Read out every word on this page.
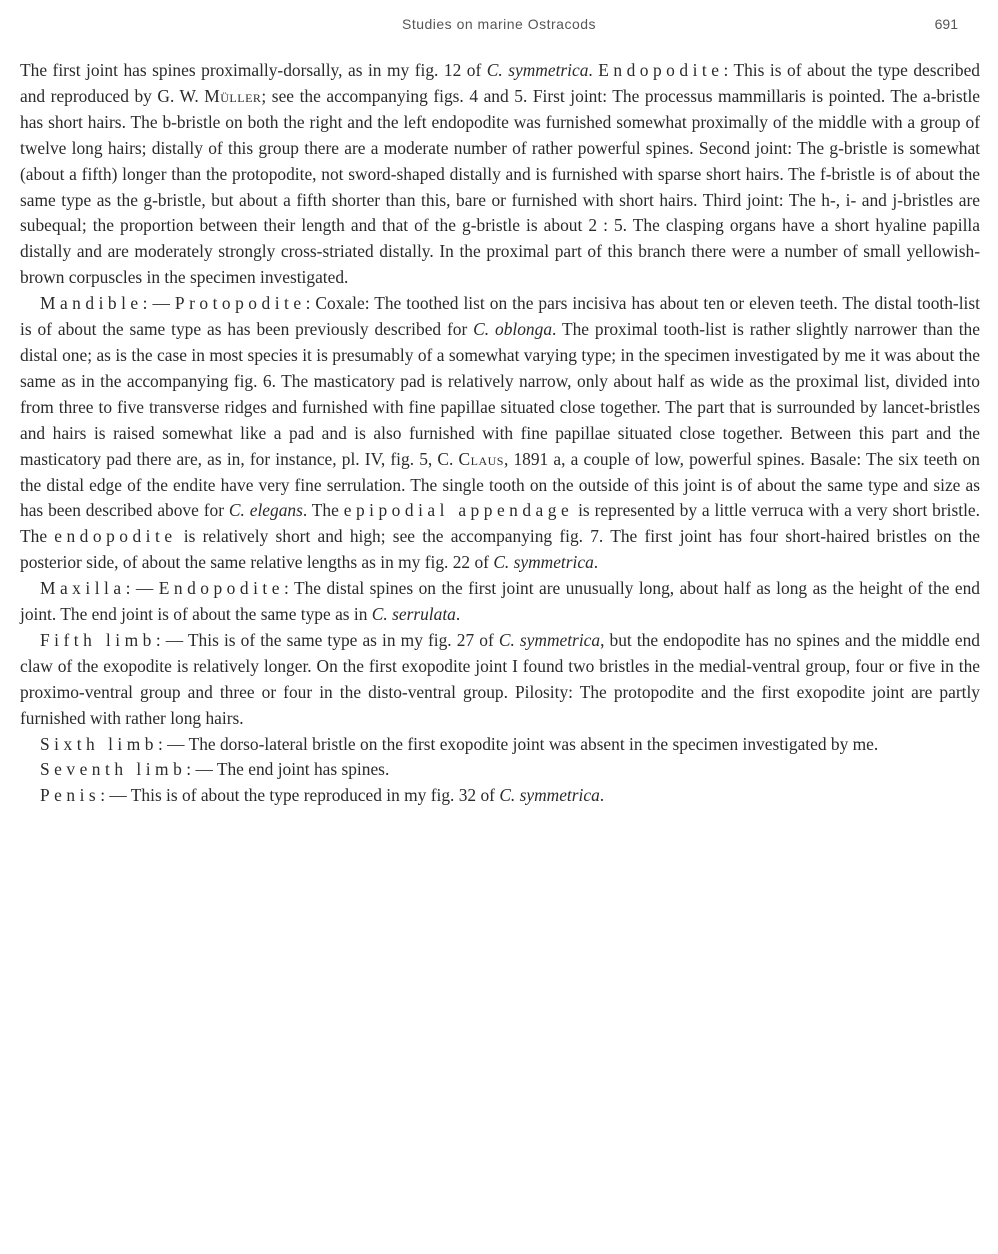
Studies on marine Ostracods	691

The first joint has spines proximally-dorsally, as in my fig. 12 of C. symmetrica. Endopodite: This is of about the type described and reproduced by G. W. Müller; see the accompanying figs. 4 and 5. First joint: The processus mammillaris is pointed. The a-bristle has short hairs. The b-bristle on both the right and the left endopodite was furnished somewhat proximally of the middle with a group of twelve long hairs; distally of this group there are a moderate number of rather powerful spines. Second joint: The g-bristle is somewhat (about a fifth) longer than the protopodite, not sword-shaped distally and is furnished with sparse short hairs. The f-bristle is of about the same type as the g-bristle, but about a fifth shorter than this, bare or furnished with short hairs. Third joint: The h-, i- and j-bristles are subequal; the proportion between their length and that of the g-bristle is about 2 : 5. The clasping organs have a short hyaline papilla distally and are moderately strongly cross-striated distally. In the proximal part of this branch there were a number of small yellowish-brown corpuscles in the specimen investigated.

Mandible: — Protopodite: Coxale: The toothed list on the pars incisiva has about ten or eleven teeth. The distal tooth-list is of about the same type as has been previously described for C. oblonga. The proximal tooth-list is rather slightly narrower than the distal one; as is the case in most species it is presumably of a somewhat varying type; in the specimen investigated by me it was about the same as in the accompanying fig. 6. The masticatory pad is relatively narrow, only about half as wide as the proximal list, divided into from three to five transverse ridges and furnished with fine papillae situated close together. The part that is surrounded by lancet-bristles and hairs is raised somewhat like a pad and is also furnished with fine papillae situated close together. Between this part and the masticatory pad there are, as in, for instance, pl. IV, fig. 5, C. Claus, 1891 a, a couple of low, powerful spines. Basale: The six teeth on the distal edge of the endite have very fine serrulation. The single tooth on the outside of this joint is of about the same type and size as has been described above for C. elegans. The epipodial appendage is represented by a little verruca with a very short bristle. The endopodite is relatively short and high; see the accompanying fig. 7. The first joint has four short-haired bristles on the posterior side, of about the same relative lengths as in my fig. 22 of C. symmetrica.

Maxilla: — Endopodite: The distal spines on the first joint are unusually long, about half as long as the height of the end joint. The end joint is of about the same type as in C. serrulata.

Fifth limb: — This is of the same type as in my fig. 27 of C. symmetrica, but the endopodite has no spines and the middle end claw of the exopodite is relatively longer. On the first exopodite joint I found two bristles in the medial-ventral group, four or five in the proximo-ventral group and three or four in the disto-ventral group. Pilosity: The protopodite and the first exopodite joint are partly furnished with rather long hairs.

Sixth limb: — The dorso-lateral bristle on the first exopodite joint was absent in the specimen investigated by me.

Seventh limb: — The end joint has spines.

Penis: — This is of about the type reproduced in my fig. 32 of C. symmetrica.
